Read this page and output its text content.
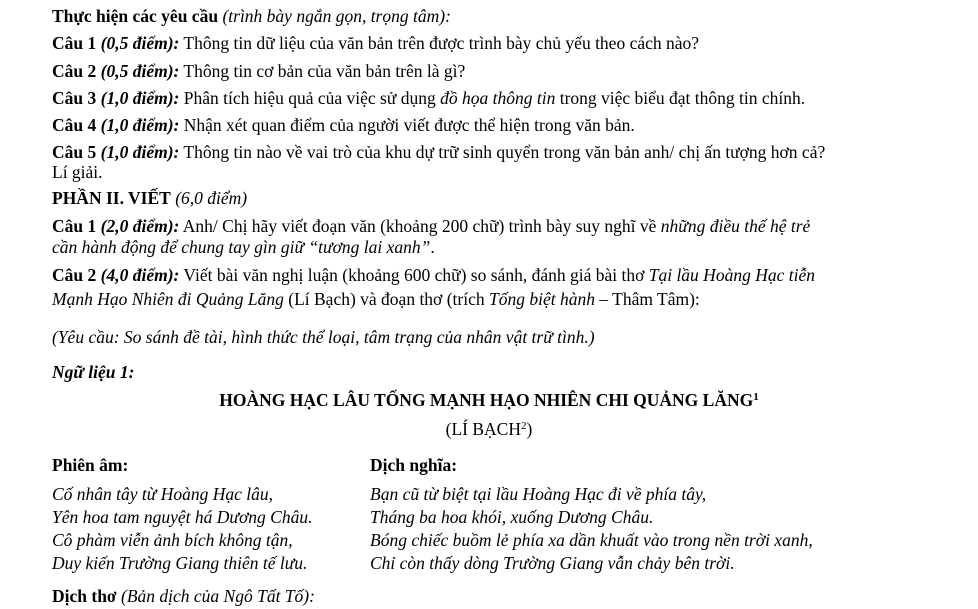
Thực hiện các yêu cầu (trình bày ngắn gọn, trọng tâm):
Câu 1 (0,5 điểm): Thông tin dữ liệu của văn bản trên được trình bày chủ yếu theo cách nào?
Câu 2 (0,5 điểm): Thông tin cơ bản của văn bản trên là gì?
Câu 3 (1,0 điểm): Phân tích hiệu quả của việc sử dụng đồ họa thông tin trong việc biểu đạt thông tin chính.
Câu 4 (1,0 điểm): Nhận xét quan điểm của người viết được thể hiện trong văn bản.
Câu 5 (1,0 điểm): Thông tin nào về vai trò của khu dự trữ sinh quyển trong văn bản anh/ chị ấn tượng hơn cả?
Lí giải.
PHẦN II. VIẾT (6,0 điểm)
Câu 1 (2,0 điểm): Anh/ Chị hãy viết đoạn văn (khoảng 200 chữ) trình bày suy nghĩ về những điều thế hệ trẻ
cần hành động để chung tay gìn giữ “tương lai xanh”.
Câu 2 (4,0 điểm): Viết bài văn nghị luận (khoảng 600 chữ) so sánh, đánh giá bài thơ Tại lầu Hoàng Hạc tiễn
Mạnh Hạo Nhiên đi Quảng Lăng (Lí Bạch) và đoạn thơ (trích Tống biệt hành – Thâm Tâm):
(Yêu cầu: So sánh đề tài, hình thức thể loại, tâm trạng của nhân vật trữ tình.)
Ngữ liệu 1:
HOÀNG HẠC LÂU TỐNG MẠNH HẠO NHIÊN CHI QUẢNG LĂNG$^1$
(LÍ BẠCH$^2$)
Phiên âm:	Dịch nghĩa:
Cố nhân tây từ Hoàng Hạc lâu,
Yên hoa tam nguyệt há Dương Châu.
Cô phàm viễn ảnh bích không tận,
Duy kiến Trường Giang thiên tế lưu.
Bạn cũ từ biệt tại lầu Hoàng Hạc đi về phía tây,
Tháng ba hoa khói, xuống Dương Châu.
Bóng chiếc buồm lẻ phía xa dần khuất vào trong nền trời xanh,
Chỉ còn thấy dòng Trường Giang vẫn chảy bên trời.
Dịch thơ (Bản dịch của Ngô Tất Tố):
